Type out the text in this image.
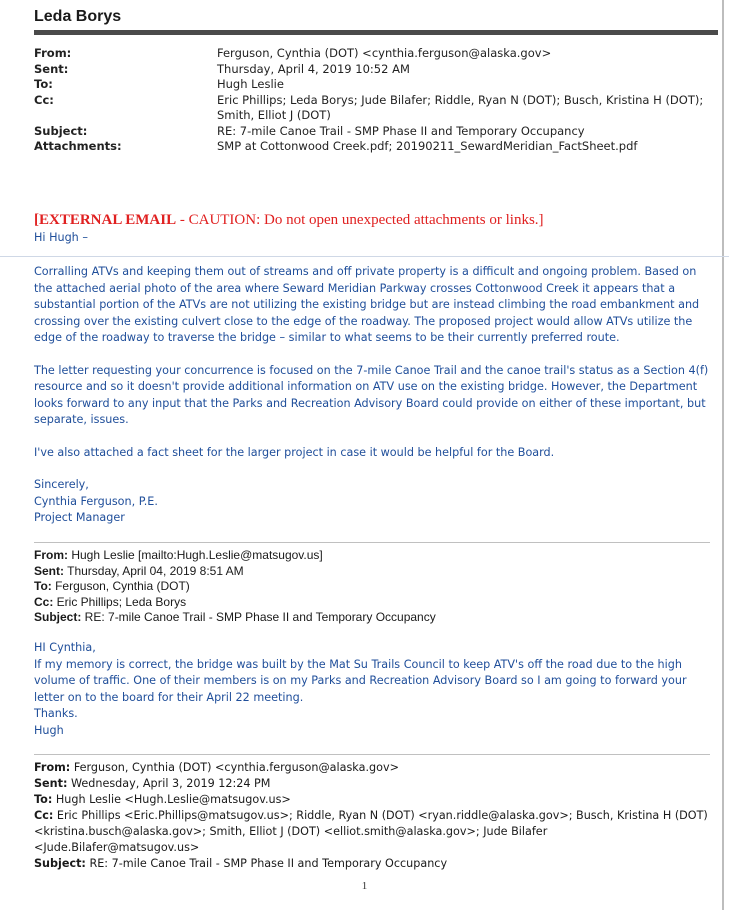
Leda Borys
From:	Ferguson, Cynthia (DOT) <cynthia.ferguson@alaska.gov>
Sent:	Thursday, April 4, 2019 10:52 AM
To:	Hugh Leslie
Cc:	Eric Phillips; Leda Borys; Jude Bilafer; Riddle, Ryan N (DOT); Busch, Kristina H (DOT);
Smith, Elliot J (DOT)
Subject:	RE: 7-mile Canoe Trail - SMP Phase II and Temporary Occupancy
Attachments:	SMP at Cottonwood Creek.pdf; 20190211_SewardMeridian_FactSheet.pdf
[EXTERNAL EMAIL - CAUTION: Do not open unexpected attachments or links.]

Hi Hugh –

Corralling ATVs and keeping them out of streams and off private property is a difficult and ongoing problem. Based on the attached aerial photo of the area where Seward Meridian Parkway crosses Cottonwood Creek it appears that a substantial portion of the ATVs are not utilizing the existing bridge but are instead climbing the road embankment and crossing over the existing culvert close to the edge of the roadway. The proposed project would allow ATVs utilize the edge of the roadway to traverse the bridge – similar to what seems to be their currently preferred route.

The letter requesting your concurrence is focused on the 7-mile Canoe Trail and the canoe trail's status as a Section 4(f) resource and so it doesn't provide additional information on ATV use on the existing bridge. However, the Department looks forward to any input that the Parks and Recreation Advisory Board could provide on either of these important, but separate, issues.

I've also attached a fact sheet for the larger project in case it would be helpful for the Board.

Sincerely,

Cynthia Ferguson, P.E.

Project Manager

From: Hugh Leslie [mailto:Hugh.Leslie@matsugov.us]
Sent: Thursday, April 04, 2019 8:51 AM
To: Ferguson, Cynthia (DOT)
Cc: Eric Phillips; Leda Borys
Subject: RE: 7-mile Canoe Trail - SMP Phase II and Temporary Occupancy

HI Cynthia,

If my memory is correct, the bridge was built by the Mat Su Trails Council to keep ATV's off the road due to the high volume of traffic. One of their members is on my Parks and Recreation Advisory Board so I am going to forward your letter on to the board for their April 22 meeting.

Thanks.

Hugh

From: Ferguson, Cynthia (DOT) <cynthia.ferguson@alaska.gov>
Sent: Wednesday, April 3, 2019 12:24 PM
To: Hugh Leslie <Hugh.Leslie@matsugov.us>
Cc: Eric Phillips <Eric.Phillips@matsugov.us>; Riddle, Ryan N (DOT) <ryan.riddle@alaska.gov>; Busch, Kristina H (DOT) <kristina.busch@alaska.gov>; Smith, Elliot J (DOT) <elliot.smith@alaska.gov>; Jude Bilafer <Jude.Bilafer@matsugov.us>
Subject: RE: 7-mile Canoe Trail - SMP Phase II and Temporary Occupancy
1
